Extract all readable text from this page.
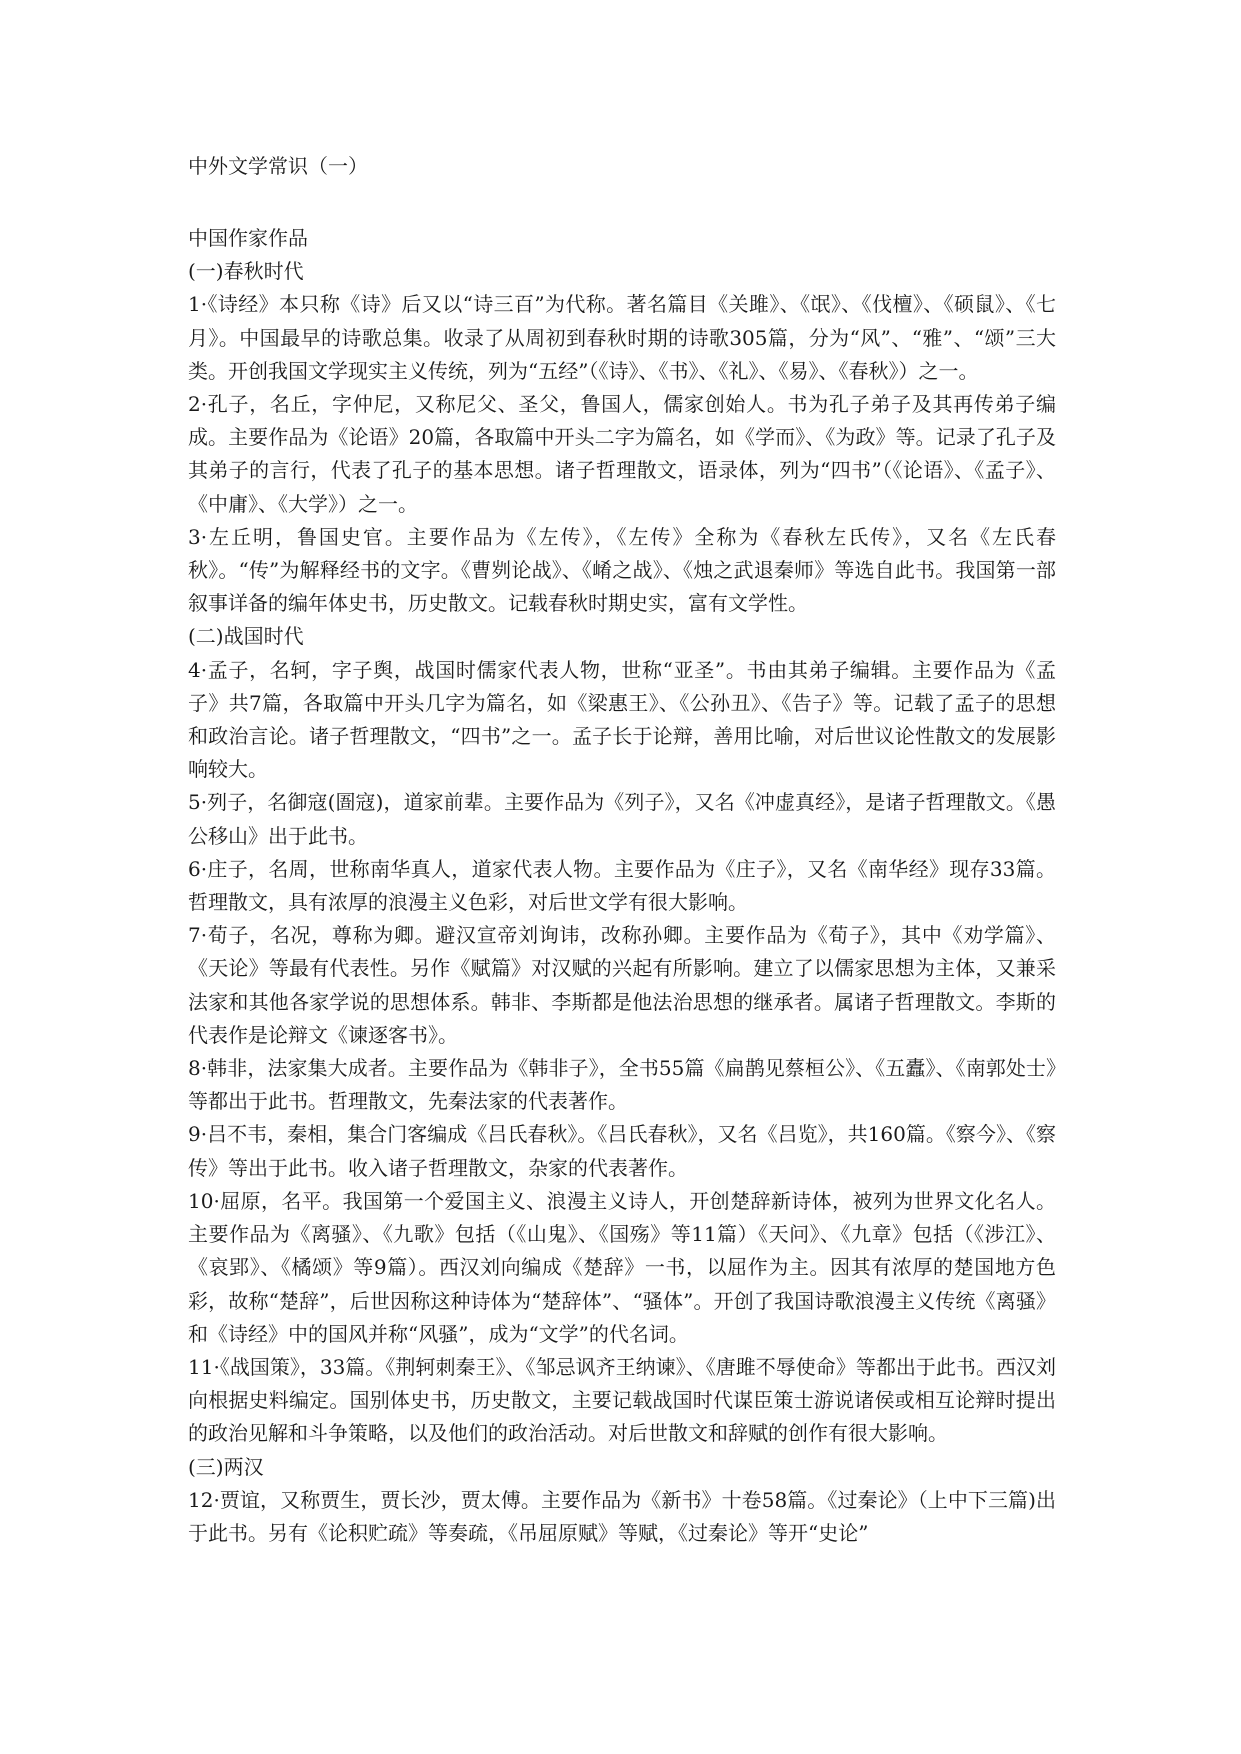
中外文学常识（一）
中国作家作品
(一)春秋时代

1·《诗经》本只称《诗》后又以“诗三百”为代称。著名篇目《关雎》、《氓》、《伐檀》、《硕鼠》、《七月》。中国最早的诗歌总集。收录了从周初到春秋时期的诗歌305篇，分为“风”、“雅”、“颂”三大类。开创我国文学现实主义传统，列为“五经”（《诗》、《书》、《礼》、《易》、《春秋》）之一。

2·孔子，名丘，字仲尼，又称尼父、圣父，鲁国人，儒家创始人。书为孔子弟子及其再传弟子编成。主要作品为《论语》20篇，各取篇中开头二字为篇名，如《学而》、《为政》等。记录了孔子及其弟子的言行，代表了孔子的基本思想。诸子哲理散文，语录体，列为“四书”（《论语》、《孟子》、《中庸》、《大学》）之一。

3·左丘明，鲁国史官。主要作品为《左传》，《左传》全称为《春秋左氏传》，又名《左氏春秋》。“传”为解释经书的文字。《曹刿论战》、《崤之战》、《烛之武退秦师》等选自此书。我国第一部叙事详备的编年体史书，历史散文。记载春秋时期史实，富有文学性。

(二)战国时代

4·孟子，名轲，字子舆，战国时儒家代表人物，世称“亚圣”。书由其弟子编辑。主要作品为《孟子》共7篇，各取篇中开头几字为篇名，如《梁惠王》、《公孙丑》、《告子》等。记载了孟子的思想和政治言论。诸子哲理散文，“四书”之一。孟子长于论辩，善用比喻，对后世议论性散文的发展影响较大。

5·列子，名御寇(圄寇)，道家前辈。主要作品为《列子》，又名《冲虚真经》，是诸子哲理散文。《愚公移山》出于此书。

6·庄子，名周，世称南华真人，道家代表人物。主要作品为《庄子》，又名《南华经》现存33篇。哲理散文，具有浓厚的浪漫主义色彩，对后世文学有很大影响。

7·荀子，名况，尊称为卿。避汉宣帝刘询讳，改称孙卿。主要作品为《荀子》，其中《劝学篇》、《天论》等最有代表性。另作《赋篇》对汉赋的兴起有所影响。建立了以儒家思想为主体，又兼采法家和其他各家学说的思想体系。韩非、李斯都是他法治思想的继承者。属诸子哲理散文。李斯的代表作是论辩文《谏逐客书》。

8·韩非，法家集大成者。主要作品为《韩非子》，全书55篇《扁鹊见蔡桓公》、《五蠹》、《南郭处士》等都出于此书。哲理散文，先秦法家的代表著作。

9·吕不韦，秦相，集合门客编成《吕氏春秋》。《吕氏春秋》，又名《吕览》，共160篇。《察今》、《察传》等出于此书。收入诸子哲理散文，杂家的代表著作。

10·屈原，名平。我国第一个爱国主义、浪漫主义诗人，开创楚辞新诗体，被列为世界文化名人。主要作品为《离骚》、《九歌》包括（《山鬼》、《国殇》等11篇）《天问》、《九章》包括（《涉江》、《哀郢》、《橘颂》等9篇）。西汉刘向编成《楚辞》一书，以屈作为主。因其有浓厚的楚国地方色彩，故称“楚辞”，后世因称这种诗体为“楚辞体”、“骚体”。开创了我国诗歌浪漫主义传统《离骚》和《诗经》中的国风并称“风骚”，成为“文学”的代名词。

11·《战国策》，33篇。《荆轲刺秦王》、《邹忌讽齐王纳谏》、《唐雎不辱使命》等都出于此书。西汉刘向根据史料编定。国别体史书，历史散文，主要记载战国时代谋臣策士游说诸侯或相互论辩时提出的政治见解和斗争策略，以及他们的政治活动。对后世散文和辞赋的创作有很大影响。

(三)两汉

12·贾谊，又称贾生，贾长沙，贾太傅。主要作品为《新书》十卷58篇。《过秦论》（上中下三篇)出于此书。另有《论积贮疏》等奏疏，《吊屈原赋》等赋，《过秦论》等开“史论”
